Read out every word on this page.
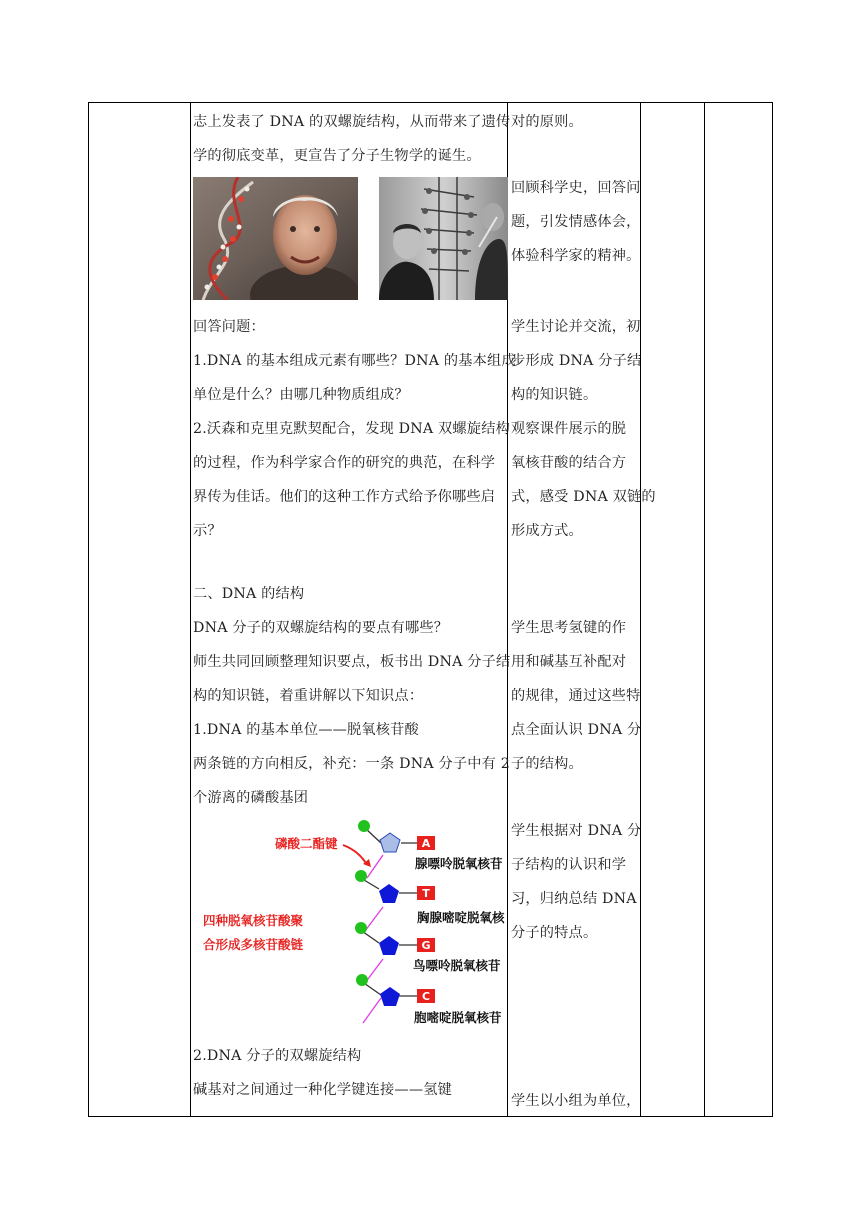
志上发表了 DNA 的双螺旋结构，从而带来了遗传
学的彻底变革，更宣告了分子生物学的诞生。
回答问题：
1.DNA 的基本组成元素有哪些？DNA 的基本组成
单位是什么？由哪几种物质组成？
2.沃森和克里克默契配合，发现 DNA 双螺旋结构
的过程，作为科学家合作的研究的典范，在科学
界传为佳话。他们的这种工作方式给予你哪些启
示？
二、DNA 的结构
DNA 分子的双螺旋结构的要点有哪些？
师生共同回顾整理知识要点，板书出 DNA 分子结
构的知识链，着重讲解以下知识点：
1.DNA 的基本单位——脱氧核苷酸
两条链的方向相反，补充：一条 DNA 分子中有 2
个游离的磷酸基团
A
T
G
C
腺嘌呤脱氧核苷
胸腺嘧啶脱氧核
鸟嘌呤脱氧核苷
胞嘧啶脱氧核苷
磷酸二酯键
四种脱氧核苷酸聚
合形成多核苷酸链
2.DNA 分子的双螺旋结构
碱基对之间通过一种化学键连接——氢键
对的原则。
回顾科学史，回答问
题，引发情感体会，
体验科学家的精神。
学生讨论并交流，初
步形成 DNA 分子结
构的知识链。
观察课件展示的脱
氧核苷酸的结合方
式，感受 DNA 双链的
形成方式。
学生思考氢键的作
用和碱基互补配对
的规律，通过这些特
点全面认识 DNA 分
子的结构。
学生根据对 DNA 分
子结构的认识和学
习，归纳总结 DNA
分子的特点。
学生以小组为单位，
